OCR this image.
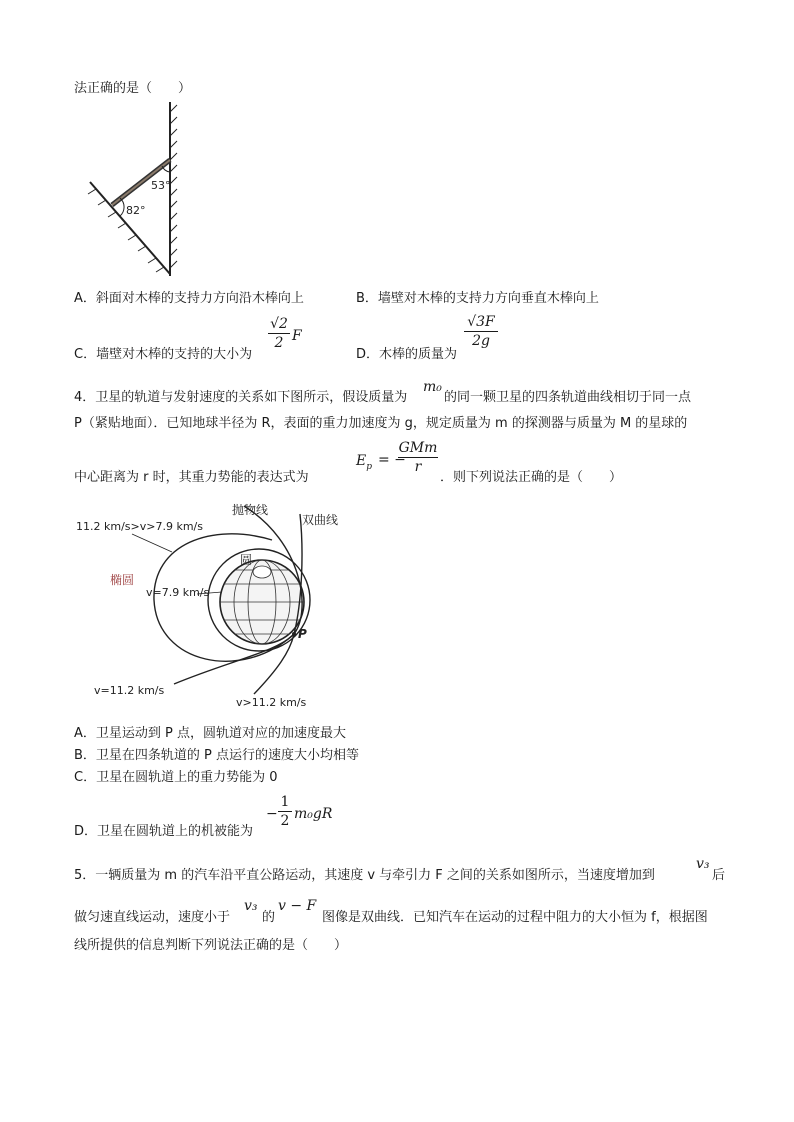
法正确的是（　　）
53°
82°
A．斜面对木棒的支持力方向沿木棒向上	B．墙壁对木棒的支持力方向垂直木棒向上
C．墙壁对木棒的支持的大小为
√2
2 F
D．木棒的质量为
√3F
2g
4．卫星的轨道与发射速度的关系如下图所示，假设质量为
m₀
的同一颗卫星的四条轨道曲线相切于同一点
P（紧贴地面）．已知地球半径为 R，表面的重力加速度为 g，规定质量为 m 的探测器与质量为 M 的星球的
中心距离为 r 时，其重力势能的表达式为
$E_p$ = −
GMm
r
．则下列说法正确的是（　　）
11.2 km/s>v>7.9 km/s
抛物线
双曲线
椭圆
圆
v=7.9 km/s
P
v=11.2 km/s
v>11.2 km/s
A．卫星运动到 P 点，圆轨道对应的加速度最大
B．卫星在四条轨道的 P 点运行的速度大小均相等
C．卫星在圆轨道上的重力势能为 0
D．卫星在圆轨道上的机被能为
−
1
2 m₀gR
5．一辆质量为 m 的汽车沿平直公路运动，其速度 v 与牵引力 F 之间的关系如图所示，当速度增加到
v₃
后
做匀速直线运动，速度小于
v₃
的
v − F
图像是双曲线．已知汽车在运动的过程中阻力的大小恒为 f，根据图
线所提供的信息判断下列说法正确的是（　　）
